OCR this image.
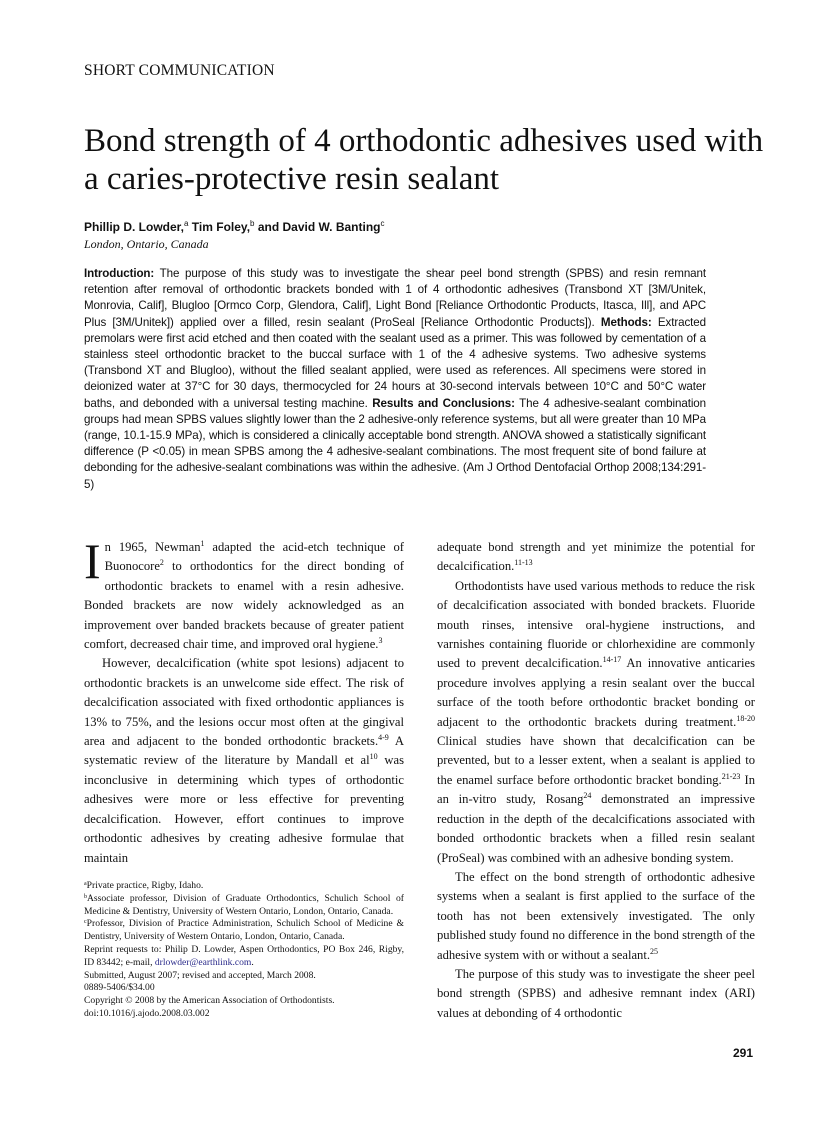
SHORT COMMUNICATION
Bond strength of 4 orthodontic adhesives used with a caries-protective resin sealant
Phillip D. Lowder,$^a$ Tim Foley,$^b$ and David W. Banting$^c$
London, Ontario, Canada
Introduction: The purpose of this study was to investigate the shear peel bond strength (SPBS) and resin remnant retention after removal of orthodontic brackets bonded with 1 of 4 orthodontic adhesives (Transbond XT [3M/Unitek, Monrovia, Calif], Blugloo [Ormco Corp, Glendora, Calif], Light Bond [Reliance Orthodontic Products, Itasca, Ill], and APC Plus [3M/Unitek]) applied over a filled, resin sealant (ProSeal [Reliance Orthodontic Products]). Methods: Extracted premolars were first acid etched and then coated with the sealant used as a primer. This was followed by cementation of a stainless steel orthodontic bracket to the buccal surface with 1 of the 4 adhesive systems. Two adhesive systems (Transbond XT and Blugloo), without the filled sealant applied, were used as references. All specimens were stored in deionized water at 37°C for 30 days, thermocycled for 24 hours at 30-second intervals between 10°C and 50°C water baths, and debonded with a universal testing machine. Results and Conclusions: The 4 adhesive-sealant combination groups had mean SPBS values slightly lower than the 2 adhesive-only reference systems, but all were greater than 10 MPa (range, 10.1-15.9 MPa), which is considered a clinically acceptable bond strength. ANOVA showed a statistically significant difference (P <0.05) in mean SPBS among the 4 adhesive-sealant combinations. The most frequent site of bond failure at debonding for the adhesive-sealant combinations was within the adhesive. (Am J Orthod Dentofacial Orthop 2008;134:291-5)
I n 1965, Newman$^1$ adapted the acid-etch technique of Buonocore$^2$ to orthodontics for the direct bonding of orthodontic brackets to enamel with a resin adhesive. Bonded brackets are now widely acknowledged as an improvement over banded brackets because of greater patient comfort, decreased chair time, and improved oral hygiene.$^3$

However, decalcification (white spot lesions) adjacent to orthodontic brackets is an unwelcome side effect. The risk of decalcification associated with fixed orthodontic appliances is 13% to 75%, and the lesions occur most often at the gingival area and adjacent to the bonded orthodontic brackets.$^{4-9}$ A systematic review of the literature by Mandall et $al^{10}$ was inconclusive in determining which types of orthodontic adhesives were more or less effective for preventing decalcification. However, effort continues to improve orthodontic adhesives by creating adhesive formulae that maintain

adequate bond strength and yet minimize the potential for decalcification.$^{11-13}$

Orthodontists have used various methods to reduce the risk of decalcification associated with bonded brackets. Fluoride mouth rinses, intensive oral-hygiene instructions, and varnishes containing fluoride or chlorhexidine are commonly used to prevent decalcification.$^{14-17}$ An innovative anticaries procedure involves applying a resin sealant over the buccal surface of the tooth before orthodontic bracket bonding or adjacent to the orthodontic brackets during treatment.$^{18-20}$ Clinical studies have shown that decalcification can be prevented, but to a lesser extent, when a sealant is applied to the enamel surface before orthodontic bracket bonding.$^{21-23}$ In an in-vitro study, Rosang$^{24}$ demonstrated an impressive reduction in the depth of the decalcifications associated with bonded orthodontic brackets when a filled resin sealant (ProSeal) was combined with an adhesive bonding system.

The effect on the bond strength of orthodontic adhesive systems when a sealant is first applied to the surface of the tooth has not been extensively investigated. The only published study found no difference in the bond strength of the adhesive system with or without a sealant.$^{25}$

The purpose of this study was to investigate the sheer peel bond strength (SPBS) and adhesive remnant index (ARI) values at debonding of 4 orthodontic

$^a$Private practice, Rigby, Idaho.
$^b$Associate professor, Division of Graduate Orthodontics, Schulich School of Medicine & Dentistry, University of Western Ontario, London, Ontario, Canada.
$^c$Professor, Division of Practice Administration, Schulich School of Medicine & Dentistry, University of Western Ontario, London, Ontario, Canada.
Reprint requests to: Philip D. Lowder, Aspen Orthodontics, PO Box 246, Rigby, ID 83442; e-mail, drlowder@earthlink.com.
Submitted, August 2007; revised and accepted, March 2008.
0889-5406/$34.00
Copyright © 2008 by the American Association of Orthodontists.
doi:10.1016/j.ajodo.2008.03.002
291
